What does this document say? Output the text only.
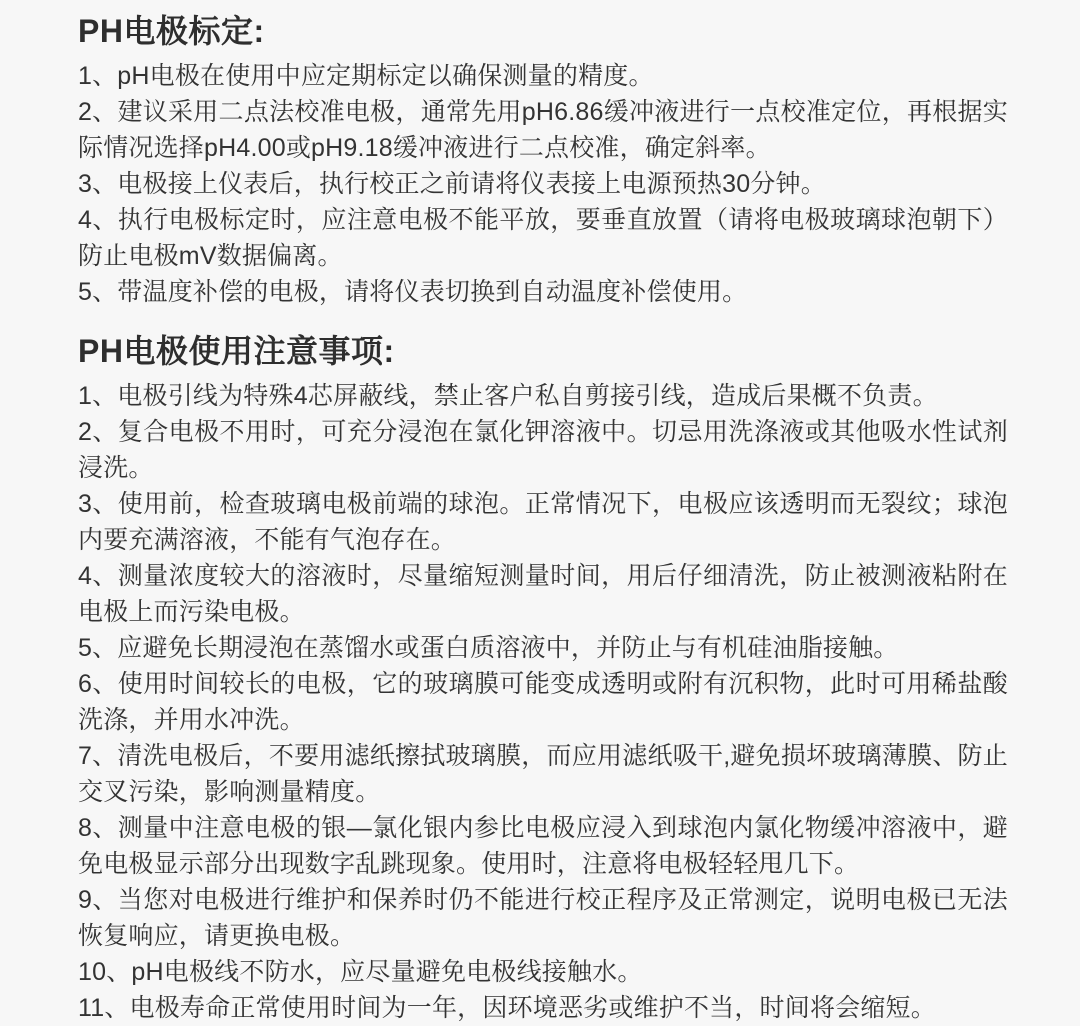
PH电极标定:

1、pH电极在使用中应定期标定以确保测量的精度。

2、建议采用二点法校准电极，通常先用pH6.86缓冲液进行一点校准定位，再根据实际情况选择pH4.00或pH9.18缓冲液进行二点校准，确定斜率。

3、电极接上仪表后，执行校正之前请将仪表接上电源预热30分钟。

4、执行电极标定时，应注意电极不能平放，要垂直放置（请将电极玻璃球泡朝下）防止电极mV数据偏离。

5、带温度补偿的电极，请将仪表切换到自动温度补偿使用。

PH电极使用注意事项:

1、电极引线为特殊4芯屏蔽线，禁止客户私自剪接引线，造成后果概不负责。

2、复合电极不用时，可充分浸泡在氯化钾溶液中。切忌用洗涤液或其他吸水性试剂浸洗。

3、使用前，检查玻璃电极前端的球泡。正常情况下，电极应该透明而无裂纹；球泡内要充满溶液，不能有气泡存在。

4、测量浓度较大的溶液时，尽量缩短测量时间，用后仔细清洗，防止被测液粘附在电极上而污染电极。

5、应避免长期浸泡在蒸馏水或蛋白质溶液中，并防止与有机硅油脂接触。

6、使用时间较长的电极，它的玻璃膜可能变成透明或附有沉积物，此时可用稀盐酸洗涤，并用水冲洗。

7、清洗电极后，不要用滤纸擦拭玻璃膜，而应用滤纸吸干,避免损坏玻璃薄膜、防止交叉污染，影响测量精度。

8、测量中注意电极的银—氯化银内参比电极应浸入到球泡内氯化物缓冲溶液中，避免电极显示部分出现数字乱跳现象。使用时，注意将电极轻轻甩几下。

9、当您对电极进行维护和保养时仍不能进行校正程序及正常测定，说明电极已无法恢复响应，请更换电极。

10、pH电极线不防水，应尽量避免电极线接触水。

11、电极寿命正常使用时间为一年，因环境恶劣或维护不当，时间将会缩短。
